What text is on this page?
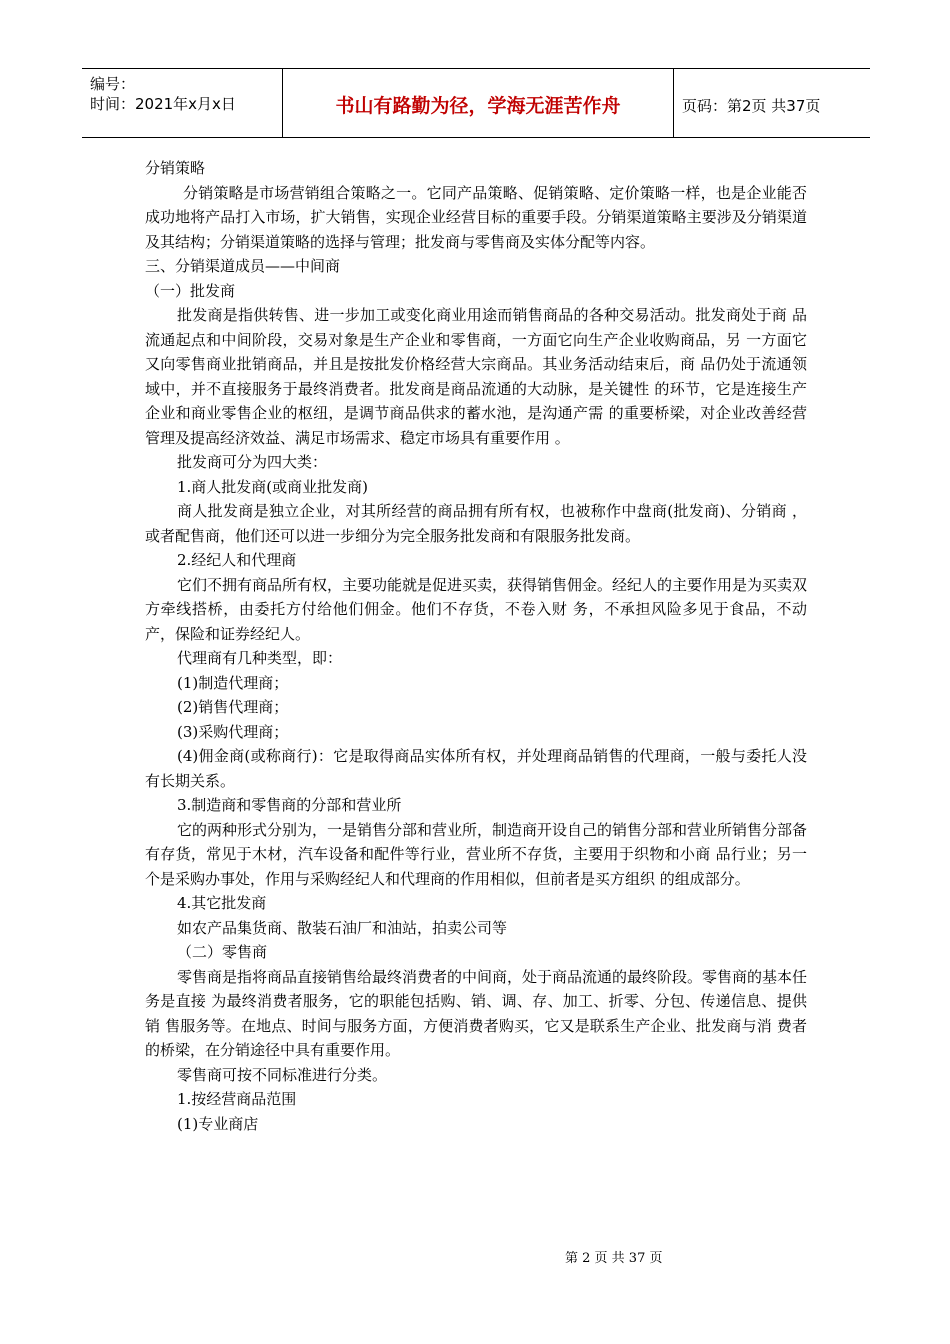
编号：
时间：2021年x月x日	书山有路勤为径，学海无涯苦作舟	页码：第2页 共37页

分销策略

分销策略是市场营销组合策略之一。它同产品策略、促销策略、定价策略一样，也是企业能否成功地将产品打入市场，扩大销售，实现企业经营目标的重要手段。分销渠道策略主要涉及分销渠道及其结构；分销渠道策略的选择与管理；批发商与零售商及实体分配等内容。

三、分销渠道成员——中间商

（一）批发商

批发商是指供转售、进一步加工或变化商业用途而销售商品的各种交易活动。批发商处于商 品流通起点和中间阶段，交易对象是生产企业和零售商，一方面它向生产企业收购商品，另 一方面它又向零售商业批销商品，并且是按批发价格经营大宗商品。其业务活动结束后，商 品仍处于流通领域中，并不直接服务于最终消费者。批发商是商品流通的大动脉，是关键性 的环节，它是连接生产企业和商业零售企业的枢纽，是调节商品供求的蓄水池，是沟通产需 的重要桥梁，对企业改善经营管理及提高经济效益、满足市场需求、稳定市场具有重要作用 。

批发商可分为四大类：

1.商人批发商(或商业批发商)

商人批发商是独立企业，对其所经营的商品拥有所有权，也被称作中盘商(批发商)、分销商 ，或者配售商，他们还可以进一步细分为完全服务批发商和有限服务批发商。

2.经纪人和代理商

它们不拥有商品所有权，主要功能就是促进买卖，获得销售佣金。经纪人的主要作用是为买卖双方牵线搭桥，由委托方付给他们佣金。他们不存货，不卷入财 务，不承担风险多见于食品，不动产，保险和证券经纪人。

代理商有几种类型，即：

(1)制造代理商；

(2)销售代理商；

(3)采购代理商；

(4)佣金商(或称商行)：它是取得商品实体所有权，并处理商品销售的代理商，一般与委托人没有长期关系。

3.制造商和零售商的分部和营业所

它的两种形式分别为，一是销售分部和营业所，制造商开设自己的销售分部和营业所销售分部备有存货，常见于木材，汽车设备和配件等行业，营业所不存货，主要用于织物和小商 品行业；另一个是采购办事处，作用与采购经纪人和代理商的作用相似，但前者是买方组织 的组成部分。

4.其它批发商

如农产品集货商、散装石油厂和油站，拍卖公司等

（二）零售商

零售商是指将商品直接销售给最终消费者的中间商，处于商品流通的最终阶段。零售商的基本任务是直接 为最终消费者服务，它的职能包括购、销、调、存、加工、折零、分包、传递信息、提供销 售服务等。在地点、时间与服务方面，方便消费者购买，它又是联系生产企业、批发商与消 费者的桥梁，在分销途径中具有重要作用。

零售商可按不同标准进行分类。

1.按经营商品范围

(1)专业商店

第 2 页 共 37 页
